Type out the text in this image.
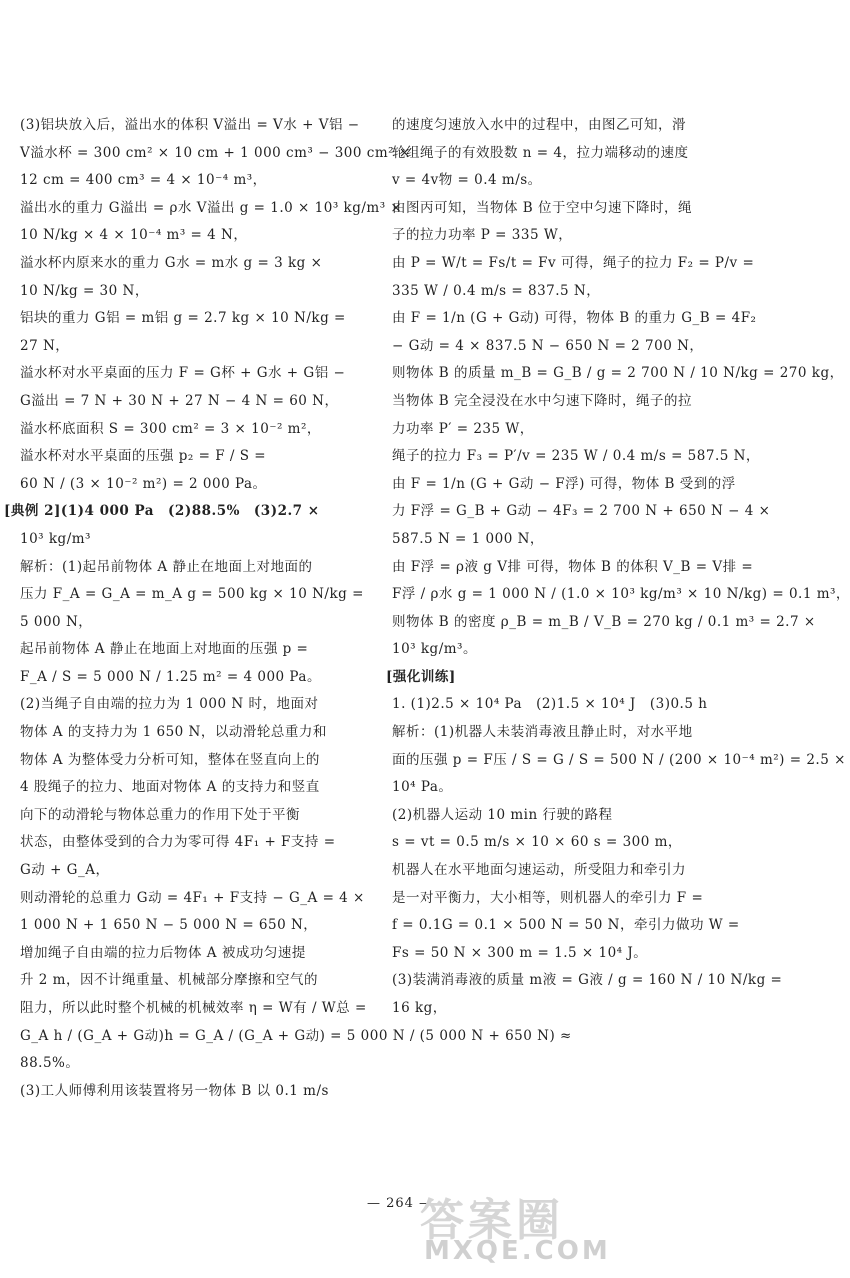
(3)铝块放入后，溢出水的体积 V溢出 = V水 + V铝 −
V溢水杯 = 300 cm² × 10 cm + 1 000 cm³ − 300 cm² ×
12 cm = 400 cm³ = 4 × 10⁻⁴ m³，
溢出水的重力 G溢出 = ρ水 V溢出 g = 1.0 × 10³ kg/m³ ×
10 N/kg × 4 × 10⁻⁴ m³ = 4 N，
溢水杯内原来水的重力 G水 = m水 g = 3 kg ×
10 N/kg = 30 N，
铝块的重力 G铝 = m铝 g = 2.7 kg × 10 N/kg =
27 N，
溢水杯对水平桌面的压力 F = G杯 + G水 + G铝 −
G溢出 = 7 N + 30 N + 27 N − 4 N = 60 N，
溢水杯底面积 S = 300 cm² = 3 × 10⁻² m²，
溢水杯对水平桌面的压强 p₂ = F / S =
60 N / (3 × 10⁻² m²) = 2 000 Pa。
[典例 2](1)4 000 Pa　(2)88.5%　(3)2.7 ×
10³ kg/m³
解析：(1)起吊前物体 A 静止在地面上对地面的
压力 F_A = G_A = m_A g = 500 kg × 10 N/kg =
5 000 N，
起吊前物体 A 静止在地面上对地面的压强 p =
F_A / S = 5 000 N / 1.25 m² = 4 000 Pa。
(2)当绳子自由端的拉力为 1 000 N 时，地面对
物体 A 的支持力为 1 650 N，以动滑轮总重力和
物体 A 为整体受力分析可知，整体在竖直向上的
4 股绳子的拉力、地面对物体 A 的支持力和竖直
向下的动滑轮与物体总重力的作用下处于平衡
状态，由整体受到的合力为零可得 4F₁ + F支持 =
G动 + G_A，
则动滑轮的总重力 G动 = 4F₁ + F支持 − G_A = 4 ×
1 000 N + 1 650 N − 5 000 N = 650 N，
增加绳子自由端的拉力后物体 A 被成功匀速提
升 2 m，因不计绳重量、机械部分摩擦和空气的
阻力，所以此时整个机械的机械效率 η = W有 / W总 =
G_A h / (G_A + G动)h = G_A / (G_A + G动) = 5 000 N / (5 000 N + 650 N) ≈
88.5%。
(3)工人师傅利用该装置将另一物体 B 以 0.1 m/s
的速度匀速放入水中的过程中，由图乙可知，滑
轮组绳子的有效股数 n = 4，拉力端移动的速度
v = 4v物 = 0.4 m/s。
由图丙可知，当物体 B 位于空中匀速下降时，绳
子的拉力功率 P = 335 W，
由 P = W/t = Fs/t = Fv 可得，绳子的拉力 F₂ = P/v =
335 W / 0.4 m/s = 837.5 N，
由 F = 1/n (G + G动) 可得，物体 B 的重力 G_B = 4F₂
− G动 = 4 × 837.5 N − 650 N = 2 700 N，
则物体 B 的质量 m_B = G_B / g = 2 700 N / 10 N/kg = 270 kg，
当物体 B 完全浸没在水中匀速下降时，绳子的拉
力功率 P′ = 235 W，
绳子的拉力 F₃ = P′/v = 235 W / 0.4 m/s = 587.5 N，
由 F = 1/n (G + G动 − F浮) 可得，物体 B 受到的浮
力 F浮 = G_B + G动 − 4F₃ = 2 700 N + 650 N − 4 ×
587.5 N = 1 000 N，
由 F浮 = ρ液 g V排 可得，物体 B 的体积 V_B = V排 =
F浮 / ρ水 g = 1 000 N / (1.0 × 10³ kg/m³ × 10 N/kg) = 0.1 m³，
则物体 B 的密度 ρ_B = m_B / V_B = 270 kg / 0.1 m³ = 2.7 ×
10³ kg/m³。
[强化训练]
1. (1)2.5 × 10⁴ Pa　(2)1.5 × 10⁴ J　(3)0.5 h
解析：(1)机器人未装消毒液且静止时，对水平地
面的压强 p = F压 / S = G / S = 500 N / (200 × 10⁻⁴ m²) = 2.5 ×
10⁴ Pa。
(2)机器人运动 10 min 行驶的路程
s = vt = 0.5 m/s × 10 × 60 s = 300 m，
机器人在水平地面匀速运动，所受阻力和牵引力
是一对平衡力，大小相等，则机器人的牵引力 F =
f = 0.1G = 0.1 × 500 N = 50 N，牵引力做功 W =
Fs = 50 N × 300 m = 1.5 × 10⁴ J。
(3)装满消毒液的质量 m液 = G液 / g = 160 N / 10 N/kg =
16 kg，
— 264 —
答案圈
MXQE.COM
